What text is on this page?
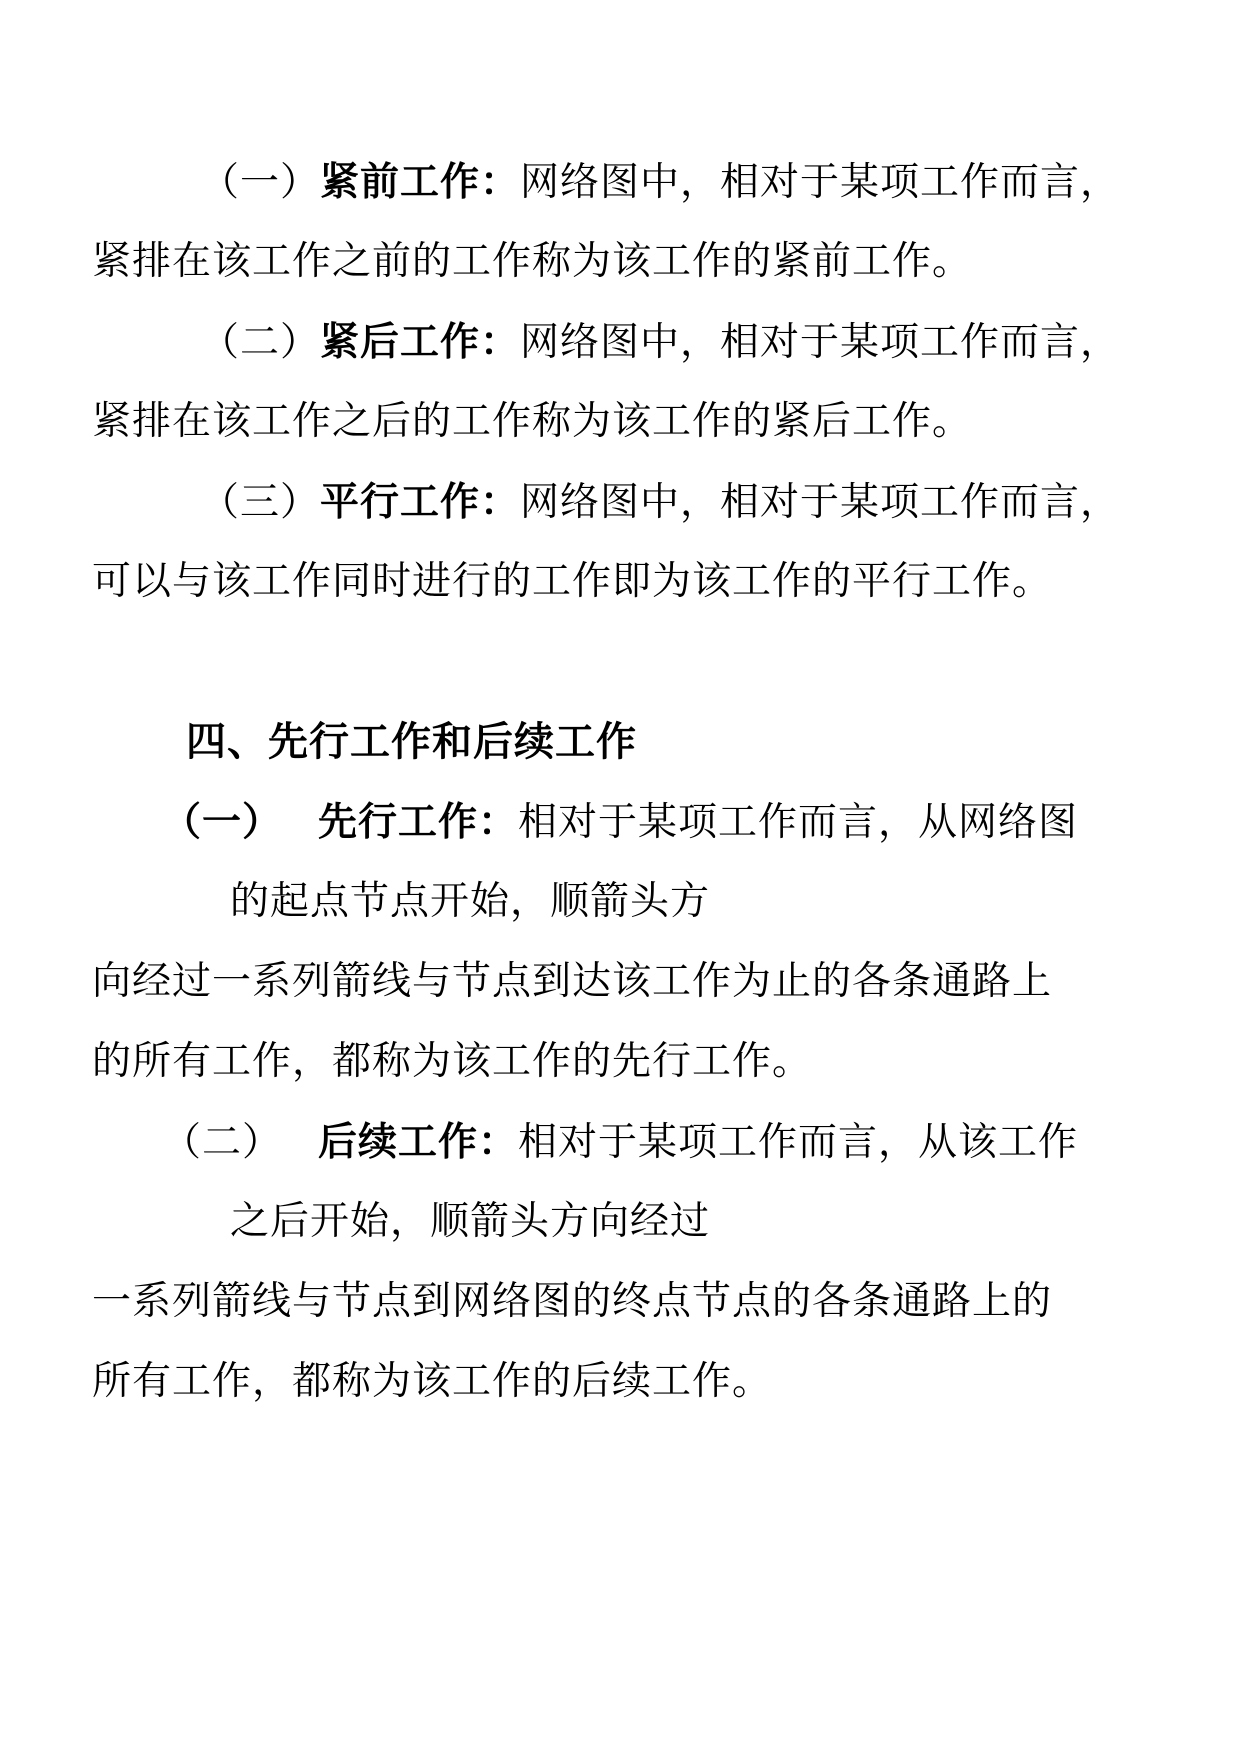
（一）紧前工作：网络图中，相对于某项工作而言，
紧排在该工作之前的工作称为该工作的紧前工作。
（二）紧后工作：网络图中，相对于某项工作而言，
紧排在该工作之后的工作称为该工作的紧后工作。
（三）平行工作：网络图中，相对于某项工作而言，
可以与该工作同时进行的工作即为该工作的平行工作。
四、先行工作和后续工作
（一） 先行工作：相对于某项工作而言，从网络图
的起点节点开始，顺箭头方
向经过一系列箭线与节点到达该工作为止的各条通路上
的所有工作，都称为该工作的先行工作。
（二） 后续工作：相对于某项工作而言，从该工作
之后开始，顺箭头方向经过
一系列箭线与节点到网络图的终点节点的各条通路上的
所有工作，都称为该工作的后续工作。
